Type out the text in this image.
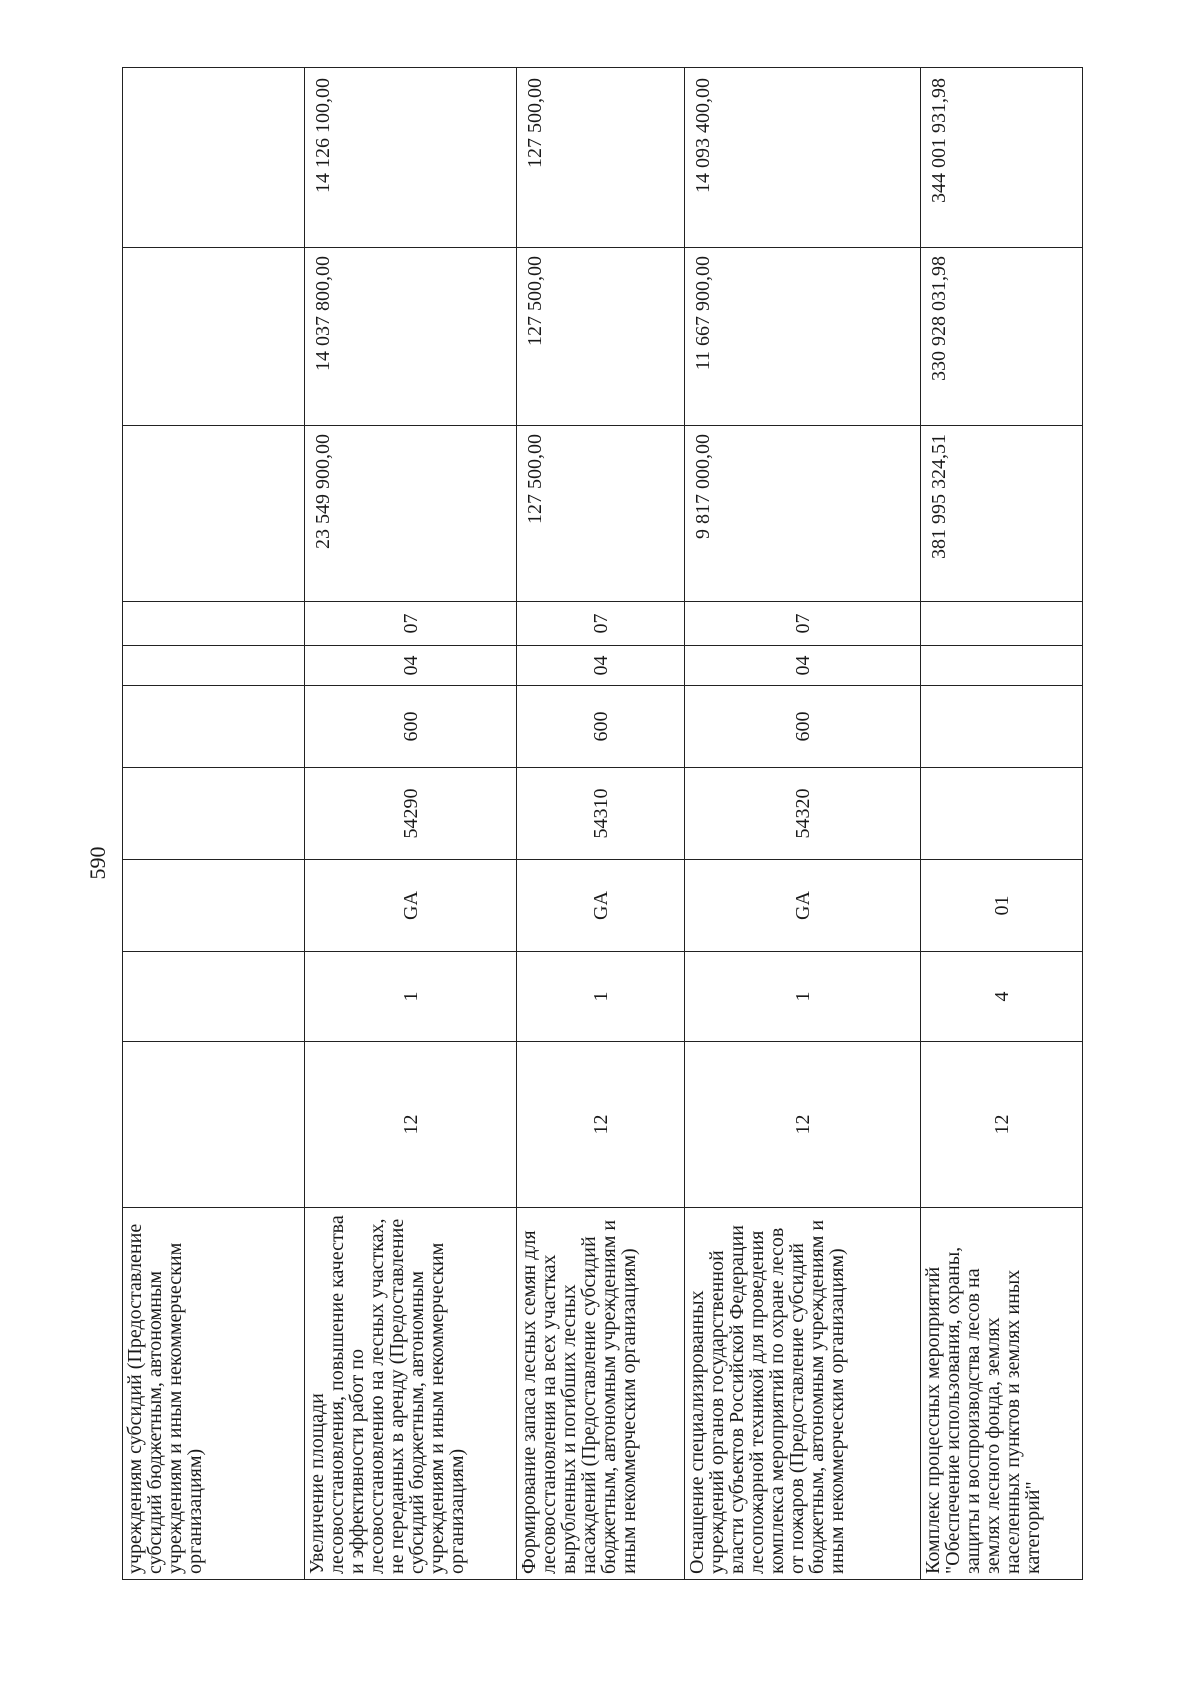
590
учреждениям субсидий (Предоставление субсидий бюджетным, автономным учреждениям и иным некоммерческим организациям)										
Увеличение площади лесовосстановления, повышение качества и эффективности работ по лесовосстановлению на лесных участках, не переданных в аренду (Предоставление субсидий бюджетным, автономным учреждениям и иным некоммерческим организациям)	12	1	GA	54290	600	04	07	23 549 900,00	14 037 800,00	14 126 100,00
Формирование запаса лесных семян для лесовосстановления на всех участках вырубленных и погибших лесных насаждений (Предоставление субсидий бюджетным, автономным учреждениям и иным некоммерческим организациям)	12	1	GA	54310	600	04	07	127 500,00	127 500,00	127 500,00
Оснащение специализированных учреждений органов государственной власти субъектов Российской Федерации лесопожарной техникой для проведения комплекса мероприятий по охране лесов от пожаров (Предоставление субсидий бюджетным, автономным учреждениям и иным некоммерческим организациям)	12	1	GA	54320	600	04	07	9 817 000,00	11 667 900,00	14 093 400,00
Комплекс процессных мероприятий "Обеспечение использования, охраны, защиты и воспроизводства лесов на землях лесного фонда, землях населенных пунктов и землях иных категорий"	12	4	01					381 995 324,51	330 928 031,98	344 001 931,98
